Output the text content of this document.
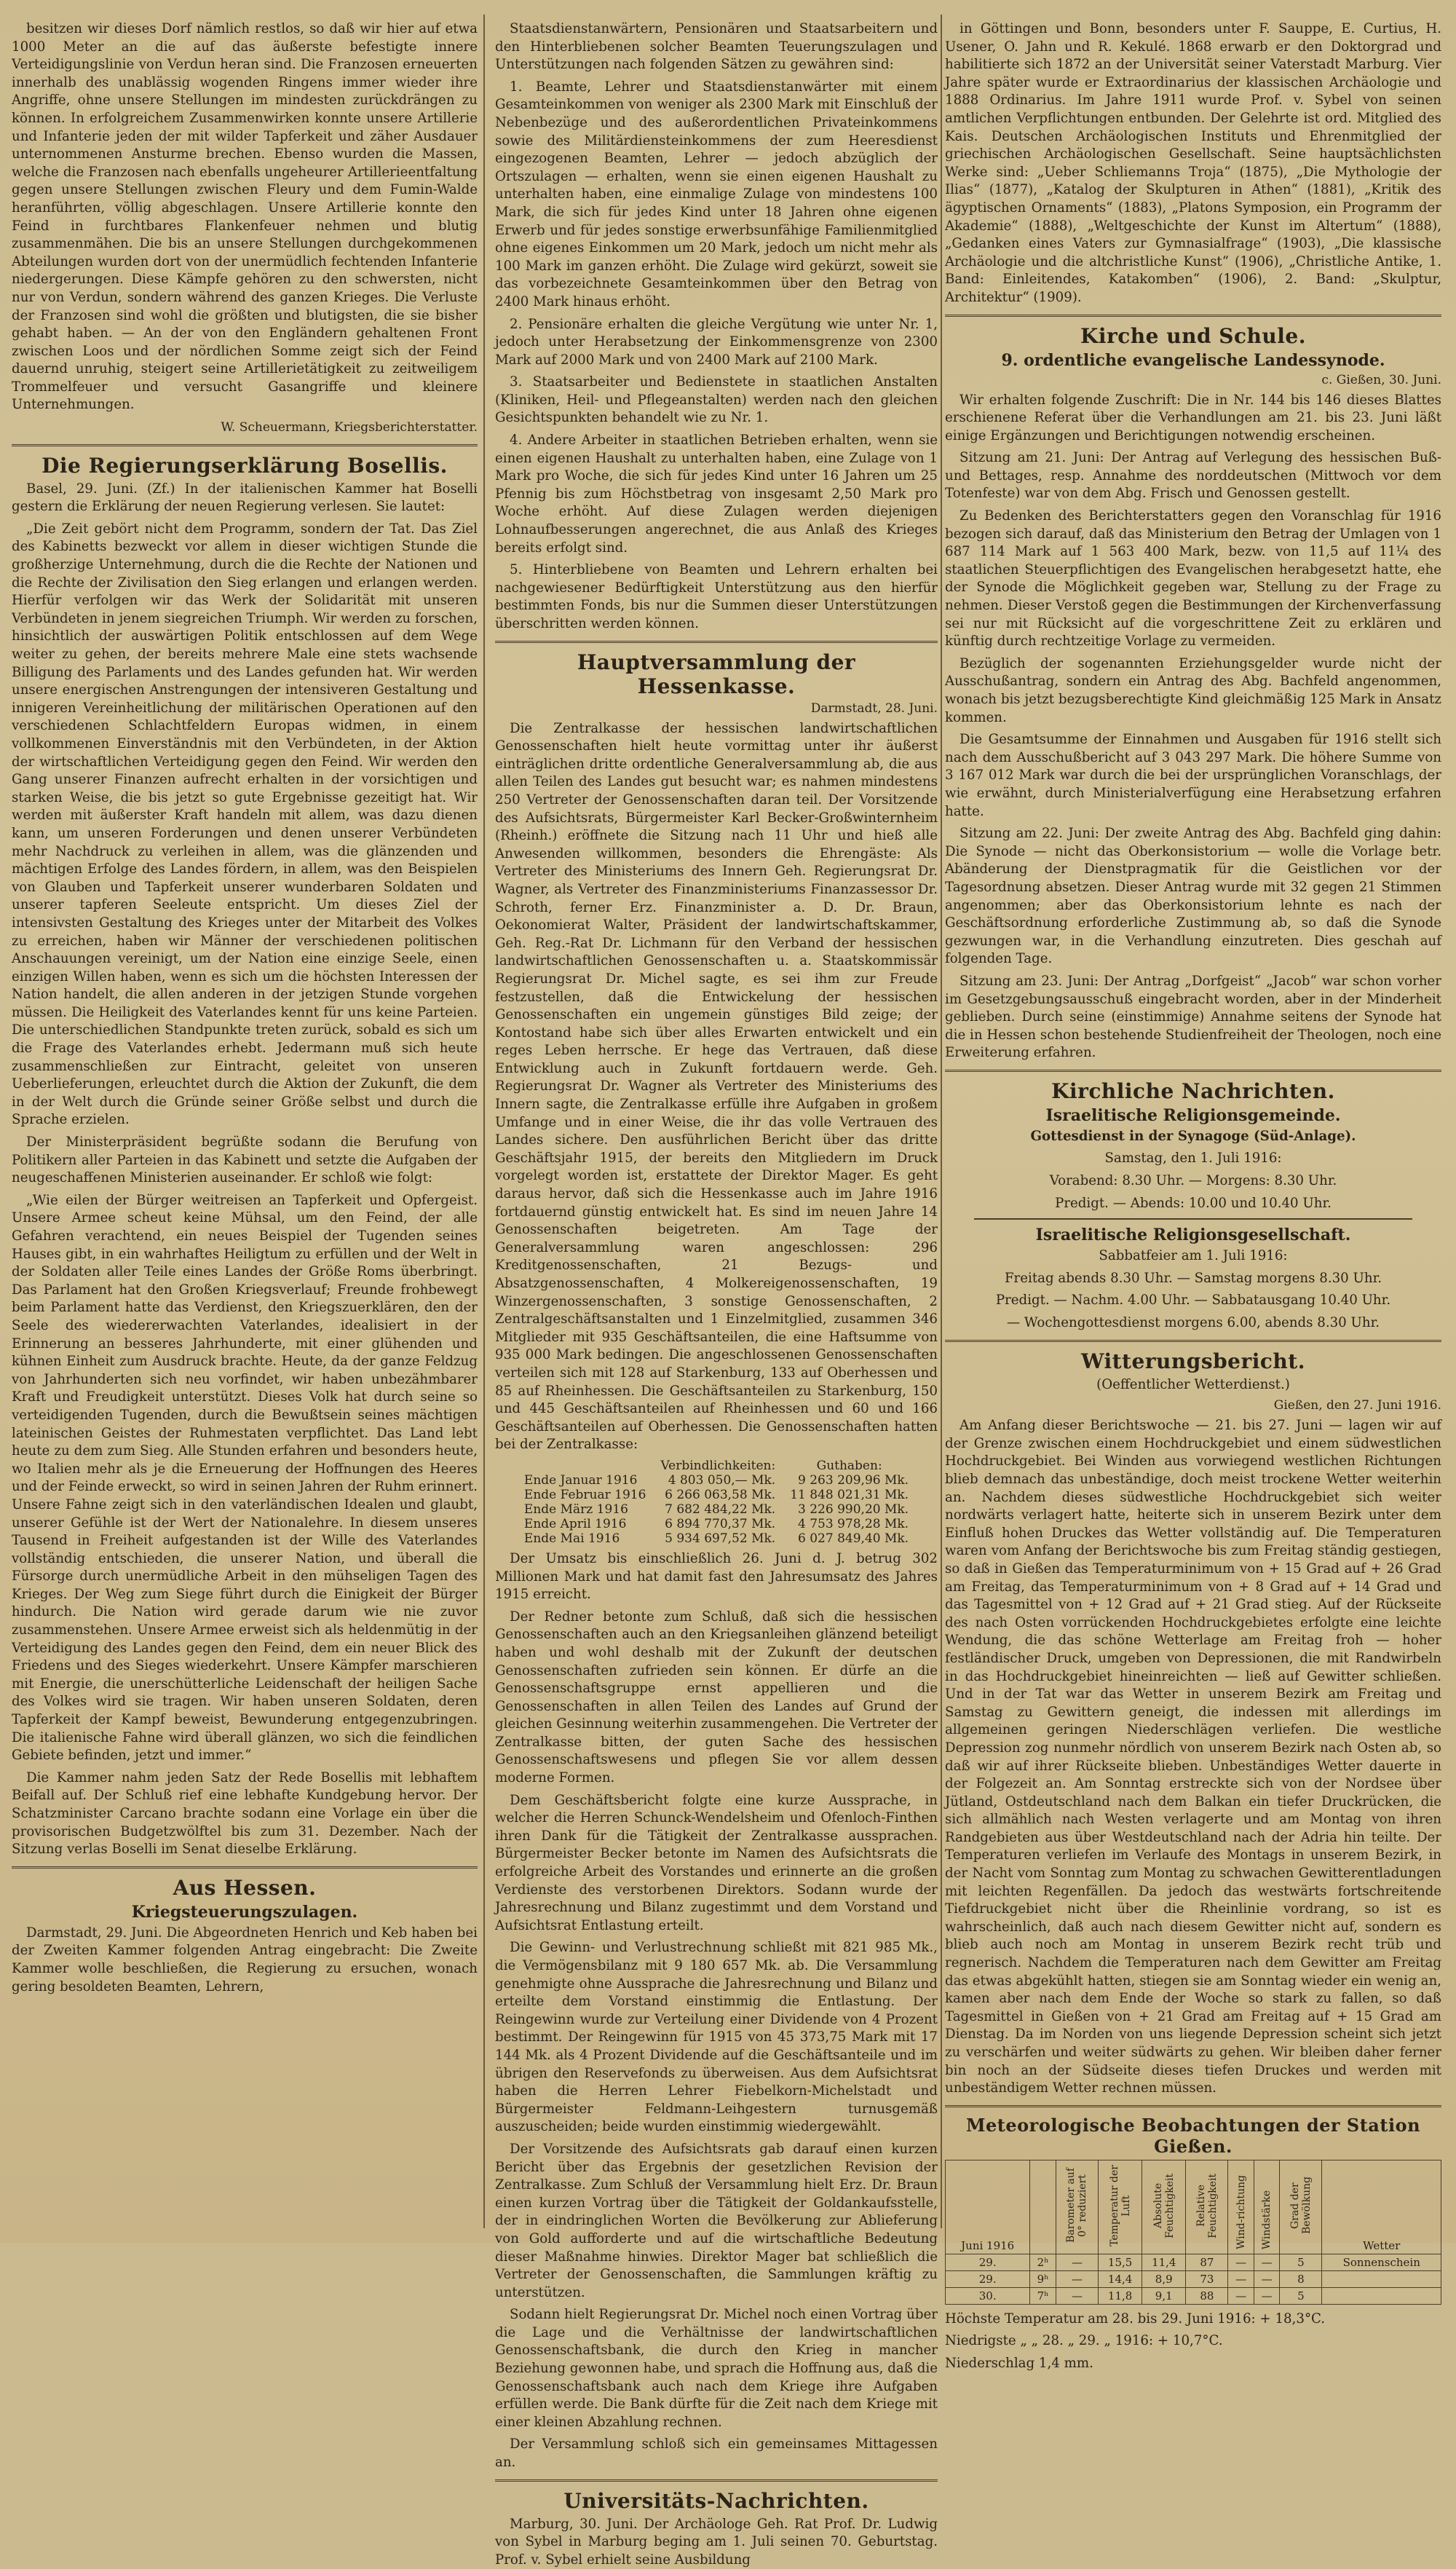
besitzen wir dieses Dorf nämlich restlos, so daß wir hier auf etwa 1000 Meter an die auf das äußerste befestigte innere Verteidigungslinie von Verdun heran sind. Die Franzosen erneuerten innerhalb des unablässig wogenden Ringens immer wieder ihre Angriffe, ohne unsere Stellungen im mindesten zurückdrängen zu können. In erfolgreichem Zusammenwirken konnte unsere Artillerie und Infanterie jeden der mit wilder Tapferkeit und zäher Ausdauer unternommenen Ansturme brechen. Ebenso wurden die Massen, welche die Franzosen nach ebenfalls ungeheurer Artillerieentfaltung gegen unsere Stellungen zwischen Fleury und dem Fumin-Walde heranführten, völlig abgeschlagen. Unsere Artillerie konnte den Feind in furchtbares Flankenfeuer nehmen und blutig zusammenmähen. Die bis an unsere Stellungen durchgekommenen Abteilungen wurden dort von der unermüdlich fechtenden Infanterie niedergerungen. Diese Kämpfe gehören zu den schwersten, nicht nur von Verdun, sondern während des ganzen Krieges. Die Verluste der Franzosen sind wohl die größten und blutigsten, die sie bisher gehabt haben. — An der von den Engländern gehaltenen Front zwischen Loos und der nördlichen Somme zeigt sich der Feind dauernd unruhig, steigert seine Artillerietätigkeit zu zeitweiligem Trommelfeuer und versucht Gasangriffe und kleinere Unternehmungen.

W. Scheuermann, Kriegsberichterstatter.

Die Regierungserklärung Bosellis.

Basel, 29. Juni. (Zf.) In der italienischen Kammer hat Boselli gestern die Erklärung der neuen Regierung verlesen. Sie lautet:

„Die Zeit gebört nicht dem Programm, sondern der Tat. Das Ziel des Kabinetts bezweckt vor allem in dieser wichtigen Stunde die großherzige Unternehmung, durch die die Rechte der Nationen und die Rechte der Zivilisation den Sieg erlangen und erlangen werden. Hierfür verfolgen wir das Werk der Solidarität mit unseren Verbündeten in jenem siegreichen Triumph. Wir werden zu forschen, hinsichtlich der auswärtigen Politik entschlossen auf dem Wege weiter zu gehen, der bereits mehrere Male eine stets wachsende Billigung des Parlaments und des Landes gefunden hat. Wir werden unsere energischen Anstrengungen der intensiveren Gestaltung und innigeren Vereinheitlichung der militärischen Operationen auf den verschiedenen Schlachtfeldern Europas widmen, in einem vollkommenen Einverständnis mit den Verbündeten, in der Aktion der wirtschaftlichen Verteidigung gegen den Feind. Wir werden den Gang unserer Finanzen aufrecht erhalten in der vorsichtigen und starken Weise, die bis jetzt so gute Ergebnisse gezeitigt hat. Wir werden mit äußerster Kraft handeln mit allem, was dazu dienen kann, um unseren Forderungen und denen unserer Verbündeten mehr Nachdruck zu verleihen in allem, was die glänzenden und mächtigen Erfolge des Landes fördern, in allem, was den Beispielen von Glauben und Tapferkeit unserer wunderbaren Soldaten und unserer tapferen Seeleute entspricht. Um dieses Ziel der intensivsten Gestaltung des Krieges unter der Mitarbeit des Volkes zu erreichen, haben wir Männer der verschiedenen politischen Anschauungen vereinigt, um der Nation eine einzige Seele, einen einzigen Willen haben, wenn es sich um die höchsten Interessen der Nation handelt, die allen anderen in der jetzigen Stunde vorgehen müssen. Die Heiligkeit des Vaterlandes kennt für uns keine Parteien. Die unterschiedlichen Standpunkte treten zurück, sobald es sich um die Frage des Vaterlandes erhebt. Jedermann muß sich heute zusammenschließen zur Eintracht, geleitet von unseren Ueberlieferungen, erleuchtet durch die Aktion der Zukunft, die dem in der Welt durch die Gründe seiner Größe selbst und durch die Sprache erzielen.

Der Ministerpräsident begrüßte sodann die Berufung von Politikern aller Parteien in das Kabinett und setzte die Aufgaben der neugeschaffenen Ministerien auseinander. Er schloß wie folgt:

„Wie eilen der Bürger weitreisen an Tapferkeit und Opfergeist. Unsere Armee scheut keine Mühsal, um den Feind, der alle Gefahren verachtend, ein neues Beispiel der Tugenden seines Hauses gibt, in ein wahrhaftes Heiligtum zu erfüllen und der Welt in der Soldaten aller Teile eines Landes der Größe Roms überbringt. Das Parlament hat den Großen Kriegsverlauf; Freunde frohbewegt beim Parlament hatte das Verdienst, den Kriegszuerklären, den der Seele des wiedererwachten Vaterlandes, idealisiert in der Erinnerung an besseres Jahrhunderte, mit einer glühenden und kühnen Einheit zum Ausdruck brachte. Heute, da der ganze Feldzug von Jahrhunderten sich neu vorfindet, wir haben unbezähmbarer Kraft und Freudigkeit unterstützt. Dieses Volk hat durch seine so verteidigenden Tugenden, durch die Bewußtsein seines mächtigen lateinischen Geistes der Ruhmestaten verpflichtet. Das Land lebt heute zu dem zum Sieg. Alle Stunden erfahren und besonders heute, wo Italien mehr als je die Erneuerung der Hoffnungen des Heeres und der Feinde erweckt, so wird in seinen Jahren der Ruhm erinnert. Unsere Fahne zeigt sich in den vaterländischen Idealen und glaubt, unserer Gefühle ist der Wert der Nationalehre. In diesem unseres Tausend in Freiheit aufgestanden ist der Wille des Vaterlandes vollständig entschieden, die unserer Nation, und überall die Fürsorge durch unermüdliche Arbeit in den mühseligen Tagen des Krieges. Der Weg zum Siege führt durch die Einigkeit der Bürger hindurch. Die Nation wird gerade darum wie nie zuvor zusammenstehen. Unsere Armee erweist sich als heldenmütig in der Verteidigung des Landes gegen den Feind, dem ein neuer Blick des Friedens und des Sieges wiederkehrt. Unsere Kämpfer marschieren mit Energie, die unerschütterliche Leidenschaft der heiligen Sache des Volkes wird sie tragen. Wir haben unseren Soldaten, deren Tapferkeit der Kampf beweist, Bewunderung entgegenzubringen. Die italienische Fahne wird überall glänzen, wo sich die feindlichen Gebiete befinden, jetzt und immer.“

Die Kammer nahm jeden Satz der Rede Bosellis mit lebhaftem Beifall auf. Der Schluß rief eine lebhafte Kundgebung hervor. Der Schatzminister Carcano brachte sodann eine Vorlage ein über die provisorischen Budgetzwölftel bis zum 31. Dezember. Nach der Sitzung verlas Boselli im Senat dieselbe Erklärung.

Aus Hessen.
Kriegsteuerungszulagen.

Darmstadt, 29. Juni. Die Abgeordneten Henrich und Keb haben bei der Zweiten Kammer folgenden Antrag eingebracht: Die Zweite Kammer wolle beschließen, die Regierung zu ersuchen, wonach gering besoldeten Beamten, Lehrern,

Staatsdienstanwärtern, Pensionären und Staatsarbeitern und den Hinterbliebenen solcher Beamten Teuerungszulagen und Unterstützungen nach folgenden Sätzen zu gewähren sind:

1. Beamte, Lehrer und Staatsdienstanwärter mit einem Gesamteinkommen von weniger als 2300 Mark mit Einschluß der Nebenbezüge und des außerordentlichen Privateinkommens sowie des Militärdiensteinkommens der zum Heeresdienst eingezogenen Beamten, Lehrer — jedoch abzüglich der Ortszulagen — erhalten, wenn sie einen eigenen Haushalt zu unterhalten haben, eine einmalige Zulage von mindestens 100 Mark, die sich für jedes Kind unter 18 Jahren ohne eigenen Erwerb und für jedes sonstige erwerbsunfähige Familienmitglied ohne eigenes Einkommen um 20 Mark, jedoch um nicht mehr als 100 Mark im ganzen erhöht. Die Zulage wird gekürzt, soweit sie das vorbezeichnete Gesamteinkommen über den Betrag von 2400 Mark hinaus erhöht.

2. Pensionäre erhalten die gleiche Vergütung wie unter Nr. 1, jedoch unter Herabsetzung der Einkommensgrenze von 2300 Mark auf 2000 Mark und von 2400 Mark auf 2100 Mark.

3. Staatsarbeiter und Bedienstete in staatlichen Anstalten (Kliniken, Heil- und Pflegeanstalten) werden nach den gleichen Gesichtspunkten behandelt wie zu Nr. 1.

4. Andere Arbeiter in staatlichen Betrieben erhalten, wenn sie einen eigenen Haushalt zu unterhalten haben, eine Zulage von 1 Mark pro Woche, die sich für jedes Kind unter 16 Jahren um 25 Pfennig bis zum Höchstbetrag von insgesamt 2,50 Mark pro Woche erhöht. Auf diese Zulagen werden diejenigen Lohnaufbesserungen angerechnet, die aus Anlaß des Krieges bereits erfolgt sind.

5. Hinterbliebene von Beamten und Lehrern erhalten bei nachgewiesener Bedürftigkeit Unterstützung aus den hierfür bestimmten Fonds, bis nur die Summen dieser Unterstützungen überschritten werden können.

Hauptversammlung der Hessenkasse.
Darmstadt, 28. Juni.

Die Zentralkasse der hessischen landwirtschaftlichen Genossenschaften hielt heute vormittag unter ihr äußerst einträglichen dritte ordentliche Generalversammlung ab, die aus allen Teilen des Landes gut besucht war; es nahmen mindestens 250 Vertreter der Genossenschaften daran teil. Der Vorsitzende des Aufsichtsrats, Bürgermeister Karl Becker-Großwinternheim (Rheinh.) eröffnete die Sitzung nach 11 Uhr und hieß alle Anwesenden willkommen, besonders die Ehrengäste: Als Vertreter des Ministeriums des Innern Geh. Regierungsrat Dr. Wagner, als Vertreter des Finanzministeriums Finanzassessor Dr. Schroth, ferner Erz. Finanzminister a. D. Dr. Braun, Oekonomierat Walter, Präsident der landwirtschaftskammer, Geh. Reg.-Rat Dr. Lichmann für den Verband der hessischen landwirtschaftlichen Genossenschaften u. a. Staatskommissär Regierungsrat Dr. Michel sagte, es sei ihm zur Freude festzustellen, daß die Entwickelung der hessischen Genossenschaften ein ungemein günstiges Bild zeige; der Kontostand habe sich über alles Erwarten entwickelt und ein reges Leben herrsche. Er hege das Vertrauen, daß diese Entwicklung auch in Zukunft fortdauern werde. Geh. Regierungsrat Dr. Wagner als Vertreter des Ministeriums des Innern sagte, die Zentralkasse erfülle ihre Aufgaben in großem Umfange und in einer Weise, die ihr das volle Vertrauen des Landes sichere. Den ausführlichen Bericht über das dritte Geschäftsjahr 1915, der bereits den Mitgliedern im Druck vorgelegt worden ist, erstattete der Direktor Mager. Es geht daraus hervor, daß sich die Hessenkasse auch im Jahre 1916 fortdauernd günstig entwickelt hat. Es sind im neuen Jahre 14 Genossenschaften beigetreten. Am Tage der Generalversammlung waren angeschlossen: 296 Kreditgenossenschaften, 21 Bezugs- und Absatzgenossenschaften, 4 Molkereigenossenschaften, 19 Winzergenossenschaften, 3 sonstige Genossenschaften, 2 Zentralgeschäftsanstalten und 1 Einzelmitglied, zusammen 346 Mitglieder mit 935 Geschäftsanteilen, die eine Haftsumme von 935 000 Mark bedingen. Die angeschlossenen Genossenschaften verteilen sich mit 128 auf Starkenburg, 133 auf Oberhessen und 85 auf Rheinhessen. Die Geschäftsanteilen zu Starkenburg, 150 und 445 Geschäftsanteilen auf Rheinhessen und 60 und 166 Geschäftsanteilen auf Oberhessen. Die Genossenschaften hatten bei der Zentralkasse:

	Verbindlichkeiten:	Guthaben:
Ende Januar 1916	4 803 050,— Mk.	9 263 209,96 Mk.
Ende Februar 1916	6 266 063,58 Mk.	11 848 021,31 Mk.
Ende März 1916	7 682 484,22 Mk.	3 226 990,20 Mk.
Ende April 1916	6 894 770,37 Mk.	4 753 978,28 Mk.
Ende Mai 1916	5 934 697,52 Mk.	6 027 849,40 Mk.

Der Umsatz bis einschließlich 26. Juni d. J. betrug 302 Millionen Mark und hat damit fast den Jahresumsatz des Jahres 1915 erreicht.

Der Redner betonte zum Schluß, daß sich die hessischen Genossenschaften auch an den Kriegsanleihen glänzend beteiligt haben und wohl deshalb mit der Zukunft der deutschen Genossenschaften zufrieden sein können. Er dürfe an die Genossenschaftsgruppe ernst appellieren und die Genossenschaften in allen Teilen des Landes auf Grund der gleichen Gesinnung weiterhin zusammengehen. Die Vertreter der Zentralkasse bitten, der guten Sache des hessischen Genossenschaftswesens und pflegen Sie vor allem dessen moderne Formen.

Dem Geschäftsbericht folgte eine kurze Aussprache, in welcher die Herren Schunck-Wendelsheim und Ofenloch-Finthen ihren Dank für die Tätigkeit der Zentralkasse aussprachen. Bürgermeister Becker betonte im Namen des Aufsichtsrats die erfolgreiche Arbeit des Vorstandes und erinnerte an die großen Verdienste des verstorbenen Direktors. Sodann wurde der Jahresrechnung und Bilanz zugestimmt und dem Vorstand und Aufsichtsrat Entlastung erteilt.

Die Gewinn- und Verlustrechnung schließt mit 821 985 Mk., die Vermögensbilanz mit 9 180 657 Mk. ab. Die Versammlung genehmigte ohne Aussprache die Jahresrechnung und Bilanz und erteilte dem Vorstand einstimmig die Entlastung. Der Reingewinn wurde zur Verteilung einer Dividende von 4 Prozent bestimmt. Der Reingewinn für 1915 von 45 373,75 Mark mit 17 144 Mk. als 4 Prozent Dividende auf die Geschäftsanteile und im übrigen den Reservefonds zu überweisen. Aus dem Aufsichtsrat haben die Herren Lehrer Fiebelkorn-Michelstadt und Bürgermeister Feldmann-Leihgestern turnusgemäß auszuscheiden; beide wurden einstimmig wiedergewählt.

Der Vorsitzende des Aufsichtsrats gab darauf einen kurzen Bericht über das Ergebnis der gesetzlichen Revision der Zentralkasse. Zum Schluß der Versammlung hielt Erz. Dr. Braun einen kurzen Vortrag über die Tätigkeit der Goldankaufsstelle, der in eindringlichen Worten die Bevölkerung zur Ablieferung von Gold aufforderte und auf die wirtschaftliche Bedeutung dieser Maßnahme hinwies. Direktor Mager bat schließlich die Vertreter der Genossenschaften, die Sammlungen kräftig zu unterstützen.

Sodann hielt Regierungsrat Dr. Michel noch einen Vortrag über die Lage und die Verhältnisse der landwirtschaftlichen Genossenschaftsbank, die durch den Krieg in mancher Beziehung gewonnen habe, und sprach die Hoffnung aus, daß die Genossenschaftsbank auch nach dem Kriege ihre Aufgaben erfüllen werde. Die Bank dürfte für die Zeit nach dem Kriege mit einer kleinen Abzahlung rechnen.

Der Versammlung schloß sich ein gemeinsames Mittagessen an.

Universitäts-Nachrichten.

Marburg, 30. Juni. Der Archäologe Geh. Rat Prof. Dr. Ludwig von Sybel in Marburg beging am 1. Juli seinen 70. Geburtstag. Prof. v. Sybel erhielt seine Ausbildung

in Göttingen und Bonn, besonders unter F. Sauppe, E. Curtius, H. Usener, O. Jahn und R. Kekulé. 1868 erwarb er den Doktorgrad und habilitierte sich 1872 an der Universität seiner Vaterstadt Marburg. Vier Jahre später wurde er Extraordinarius der klassischen Archäologie und 1888 Ordinarius. Im Jahre 1911 wurde Prof. v. Sybel von seinen amtlichen Verpflichtungen entbunden. Der Gelehrte ist ord. Mitglied des Kais. Deutschen Archäologischen Instituts und Ehrenmitglied der griechischen Archäologischen Gesellschaft. Seine hauptsächlichsten Werke sind: „Ueber Schliemanns Troja“ (1875), „Die Mythologie der Ilias“ (1877), „Katalog der Skulpturen in Athen“ (1881), „Kritik des ägyptischen Ornaments“ (1883), „Platons Symposion, ein Programm der Akademie“ (1888), „Weltgeschichte der Kunst im Altertum“ (1888), „Gedanken eines Vaters zur Gymnasialfrage“ (1903), „Die klassische Archäologie und die altchristliche Kunst“ (1906), „Christliche Antike, 1. Band: Einleitendes, Katakomben“ (1906), 2. Band: „Skulptur, Architektur“ (1909).

Kirche und Schule.
9. ordentliche evangelische Landessynode.
c. Gießen, 30. Juni.

Wir erhalten folgende Zuschrift: Die in Nr. 144 bis 146 dieses Blattes erschienene Referat über die Verhandlungen am 21. bis 23. Juni läßt einige Ergänzungen und Berichtigungen notwendig erscheinen.

Sitzung am 21. Juni: Der Antrag auf Verlegung des hessischen Buß- und Bettages, resp. Annahme des norddeutschen (Mittwoch vor dem Totenfeste) war von dem Abg. Frisch und Genossen gestellt.

Zu Bedenken des Berichterstatters gegen den Voranschlag für 1916 bezogen sich darauf, daß das Ministerium den Betrag der Umlagen von 1 687 114 Mark auf 1 563 400 Mark, bezw. von 11,5 auf 11¼ des staatlichen Steuerpflichtigen des Evangelischen herabgesetzt hatte, ehe der Synode die Möglichkeit gegeben war, Stellung zu der Frage zu nehmen. Dieser Verstoß gegen die Bestimmungen der Kirchenverfassung sei nur mit Rücksicht auf die vorgeschrittene Zeit zu erklären und künftig durch rechtzeitige Vorlage zu vermeiden.

Bezüglich der sogenannten Erziehungsgelder wurde nicht der Ausschußantrag, sondern ein Antrag des Abg. Bachfeld angenommen, wonach bis jetzt bezugsberechtigte Kind gleichmäßig 125 Mark in Ansatz kommen.

Die Gesamtsumme der Einnahmen und Ausgaben für 1916 stellt sich nach dem Ausschußbericht auf 3 043 297 Mark. Die höhere Summe von 3 167 012 Mark war durch die bei der ursprünglichen Voranschlags, der wie erwähnt, durch Ministerialverfügung eine Herabsetzung erfahren hatte.

Sitzung am 22. Juni: Der zweite Antrag des Abg. Bachfeld ging dahin: Die Synode — nicht das Oberkonsistorium — wolle die Vorlage betr. Abänderung der Dienstpragmatik für die Geistlichen vor der Tagesordnung absetzen. Dieser Antrag wurde mit 32 gegen 21 Stimmen angenommen; aber das Oberkonsistorium lehnte es nach der Geschäftsordnung erforderliche Zustimmung ab, so daß die Synode gezwungen war, in die Verhandlung einzutreten. Dies geschah auf folgenden Tage.

Sitzung am 23. Juni: Der Antrag „Dorfgeist“ „Jacob“ war schon vorher im Gesetzgebungsausschuß eingebracht worden, aber in der Minderheit geblieben. Durch seine (einstimmige) Annahme seitens der Synode hat die in Hessen schon bestehende Studienfreiheit der Theologen, noch eine Erweiterung erfahren.

Kirchliche Nachrichten.
Israelitische Religionsgemeinde.

Gottesdienst in der Synagoge (Süd-Anlage).

Samstag, den 1. Juli 1916:

Vorabend: 8.30 Uhr. — Morgens: 8.30 Uhr.

Predigt. — Abends: 10.00 und 10.40 Uhr.

Israelitische Religionsgesellschaft.

Sabbatfeier am 1. Juli 1916:

Freitag abends 8.30 Uhr. — Samstag morgens 8.30 Uhr.

Predigt. — Nachm. 4.00 Uhr. — Sabbatausgang 10.40 Uhr.

— Wochengottesdienst morgens 6.00, abends 8.30 Uhr.

Witterungsbericht.

(Oeffentlicher Wetterdienst.)

Gießen, den 27. Juni 1916.

Am Anfang dieser Berichtswoche — 21. bis 27. Juni — lagen wir auf der Grenze zwischen einem Hochdruckgebiet und einem südwestlichen Hochdruckgebiet. Bei Winden aus vorwiegend westlichen Richtungen blieb demnach das unbeständige, doch meist trockene Wetter weiterhin an. Nachdem dieses südwestliche Hochdruckgebiet sich weiter nordwärts verlagert hatte, heiterte sich in unserem Bezirk unter dem Einfluß hohen Druckes das Wetter vollständig auf. Die Temperaturen waren vom Anfang der Berichtswoche bis zum Freitag ständig gestiegen, so daß in Gießen das Temperaturminimum von + 15 Grad auf + 26 Grad am Freitag, das Temperaturminimum von + 8 Grad auf + 14 Grad und das Tagesmittel von + 12 Grad auf + 21 Grad stieg. Auf der Rückseite des nach Osten vorrückenden Hochdruckgebietes erfolgte eine leichte Wendung, die das schöne Wetterlage am Freitag froh — hoher festländischer Druck, umgeben von Depressionen, die mit Randwirbeln in das Hochdruckgebiet hineinreichten — ließ auf Gewitter schließen. Und in der Tat war das Wetter in unserem Bezirk am Freitag und Samstag zu Gewittern geneigt, die indessen mit allerdings im allgemeinen geringen Niederschlägen verliefen. Die westliche Depression zog nunmehr nördlich von unserem Bezirk nach Osten ab, so daß wir auf ihrer Rückseite blieben. Unbeständiges Wetter dauerte in der Folgezeit an. Am Sonntag erstreckte sich von der Nordsee über Jütland, Ostdeutschland nach dem Balkan ein tiefer Druckrücken, die sich allmählich nach Westen verlagerte und am Montag von ihren Randgebieten aus über Westdeutschland nach der Adria hin teilte. Der Temperaturen verliefen im Verlaufe des Montags in unserem Bezirk, in der Nacht vom Sonntag zum Montag zu schwachen Gewitterentladungen mit leichten Regenfällen. Da jedoch das westwärts fortschreitende Tiefdruckgebiet nicht über die Rheinlinie vordrang, so ist es wahrscheinlich, daß auch nach diesem Gewitter nicht auf, sondern es blieb auch noch am Montag in unserem Bezirk recht trüb und regnerisch. Nachdem die Temperaturen nach dem Gewitter am Freitag das etwas abgekühlt hatten, stiegen sie am Sonntag wieder ein wenig an, kamen aber nach dem Ende der Woche so stark zu fallen, so daß Tagesmittel in Gießen von + 21 Grad am Freitag auf + 15 Grad am Dienstag. Da im Norden von uns liegende Depression scheint sich jetzt zu verschärfen und weiter südwärts zu gehen. Wir bleiben daher ferner bin noch an der Südseite dieses tiefen Druckes und werden mit unbeständigem Wetter rechnen müssen.

Meteorologische Beobachtungen der Station Gießen.
Juni 1916		Barometer auf 0° reduziert	Temperatur der Luft	Absolute Feuchtigkeit	Relative Feuchtigkeit	Wind-richtung	Windstärke	Grad der Bewölkung	Wetter
29.	2ʰ	—	15,5	11,4	87	—	—	5	Sonnenschein
29.	9ʰ	—	14,4	8,9	73	—	—	8	
30.	7ʰ	—	11,8	9,1	88	—	—	5	

Höchste Temperatur am 28. bis 29. Juni 1916: + 18,3°C.

Niedrigste „ „ 28. „ 29. „ 1916: + 10,7°C.

Niederschlag 1,4 mm.
